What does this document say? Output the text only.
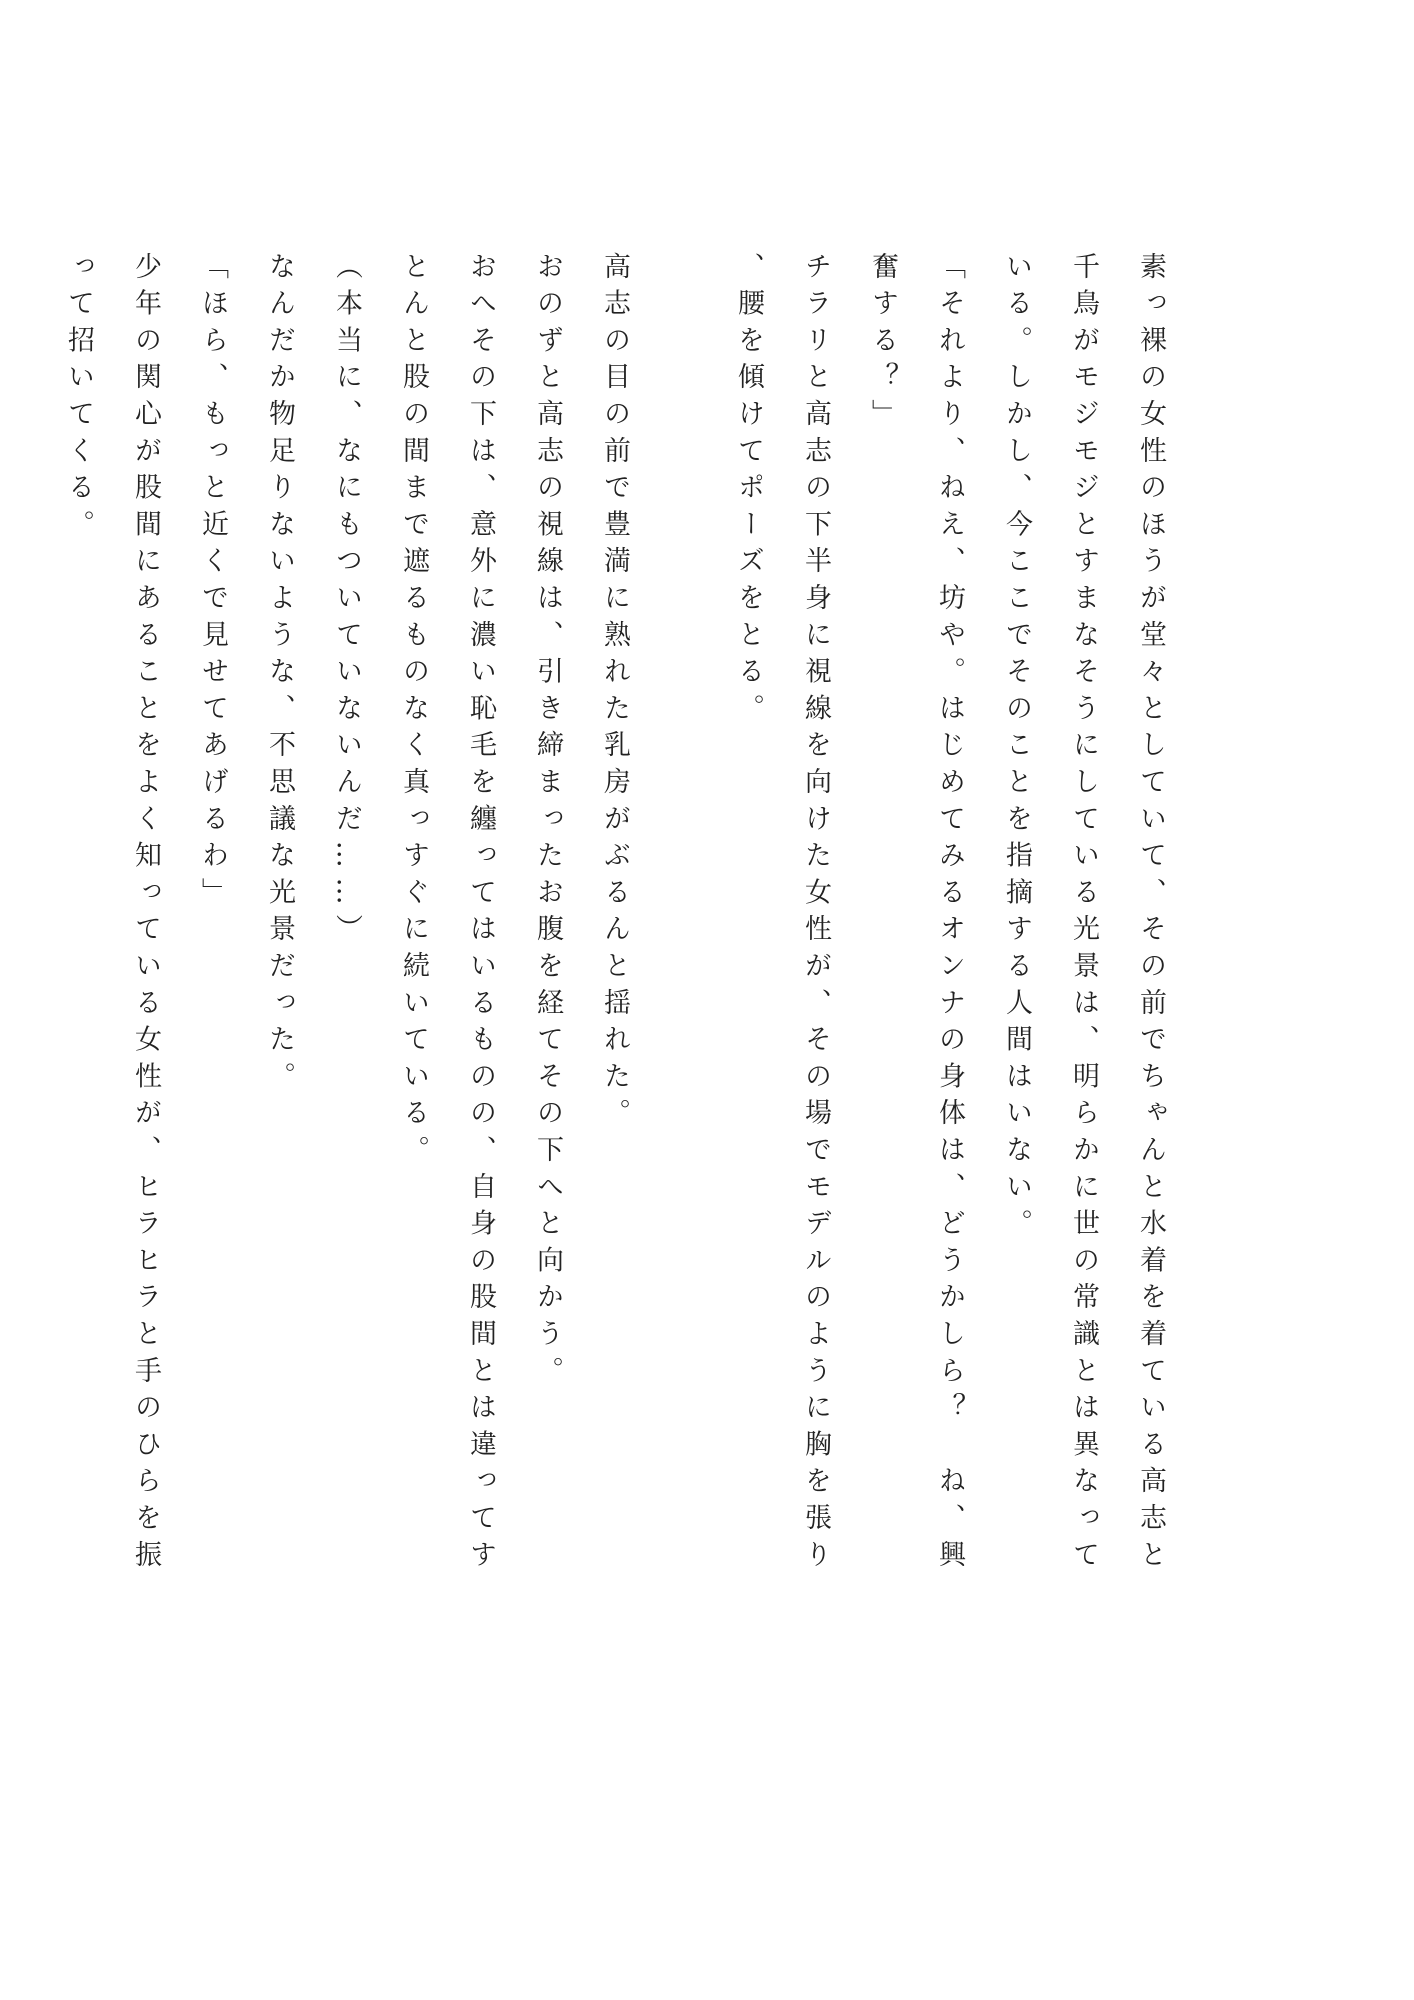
素っ裸の女性のほうが堂々としていて、その前でちゃんと水着を着ている高志と千鳥がモジモジとすまなそうにしている光景は、明らかに世の常識とは異なっている。しかし、今ここでそのことを指摘する人間はいない。

「それより、ねえ、坊や。はじめてみるオンナの身体は、どうかしら？　ね、興奮する？」

チラリと高志の下半身に視線を向けた女性が、その場でモデルのように胸を張り、腰を傾けてポーズをとる。

高志の目の前で豊満に熟れた乳房がぶるんと揺れた。

おのずと高志の視線は、引き締まったお腹を経てその下へと向かう。

おへその下は、意外に濃い恥毛を纏ってはいるものの、自身の股間とは違ってすとんと股の間まで遮るものなく真っすぐに続いている。

（本当に、なにもついていないんだ……）

なんだか物足りないような、不思議な光景だった。

「ほら、もっと近くで見せてあげるわ」

少年の関心が股間にあることをよく知っている女性が、ヒラヒラと手のひらを振って招いてくる。
